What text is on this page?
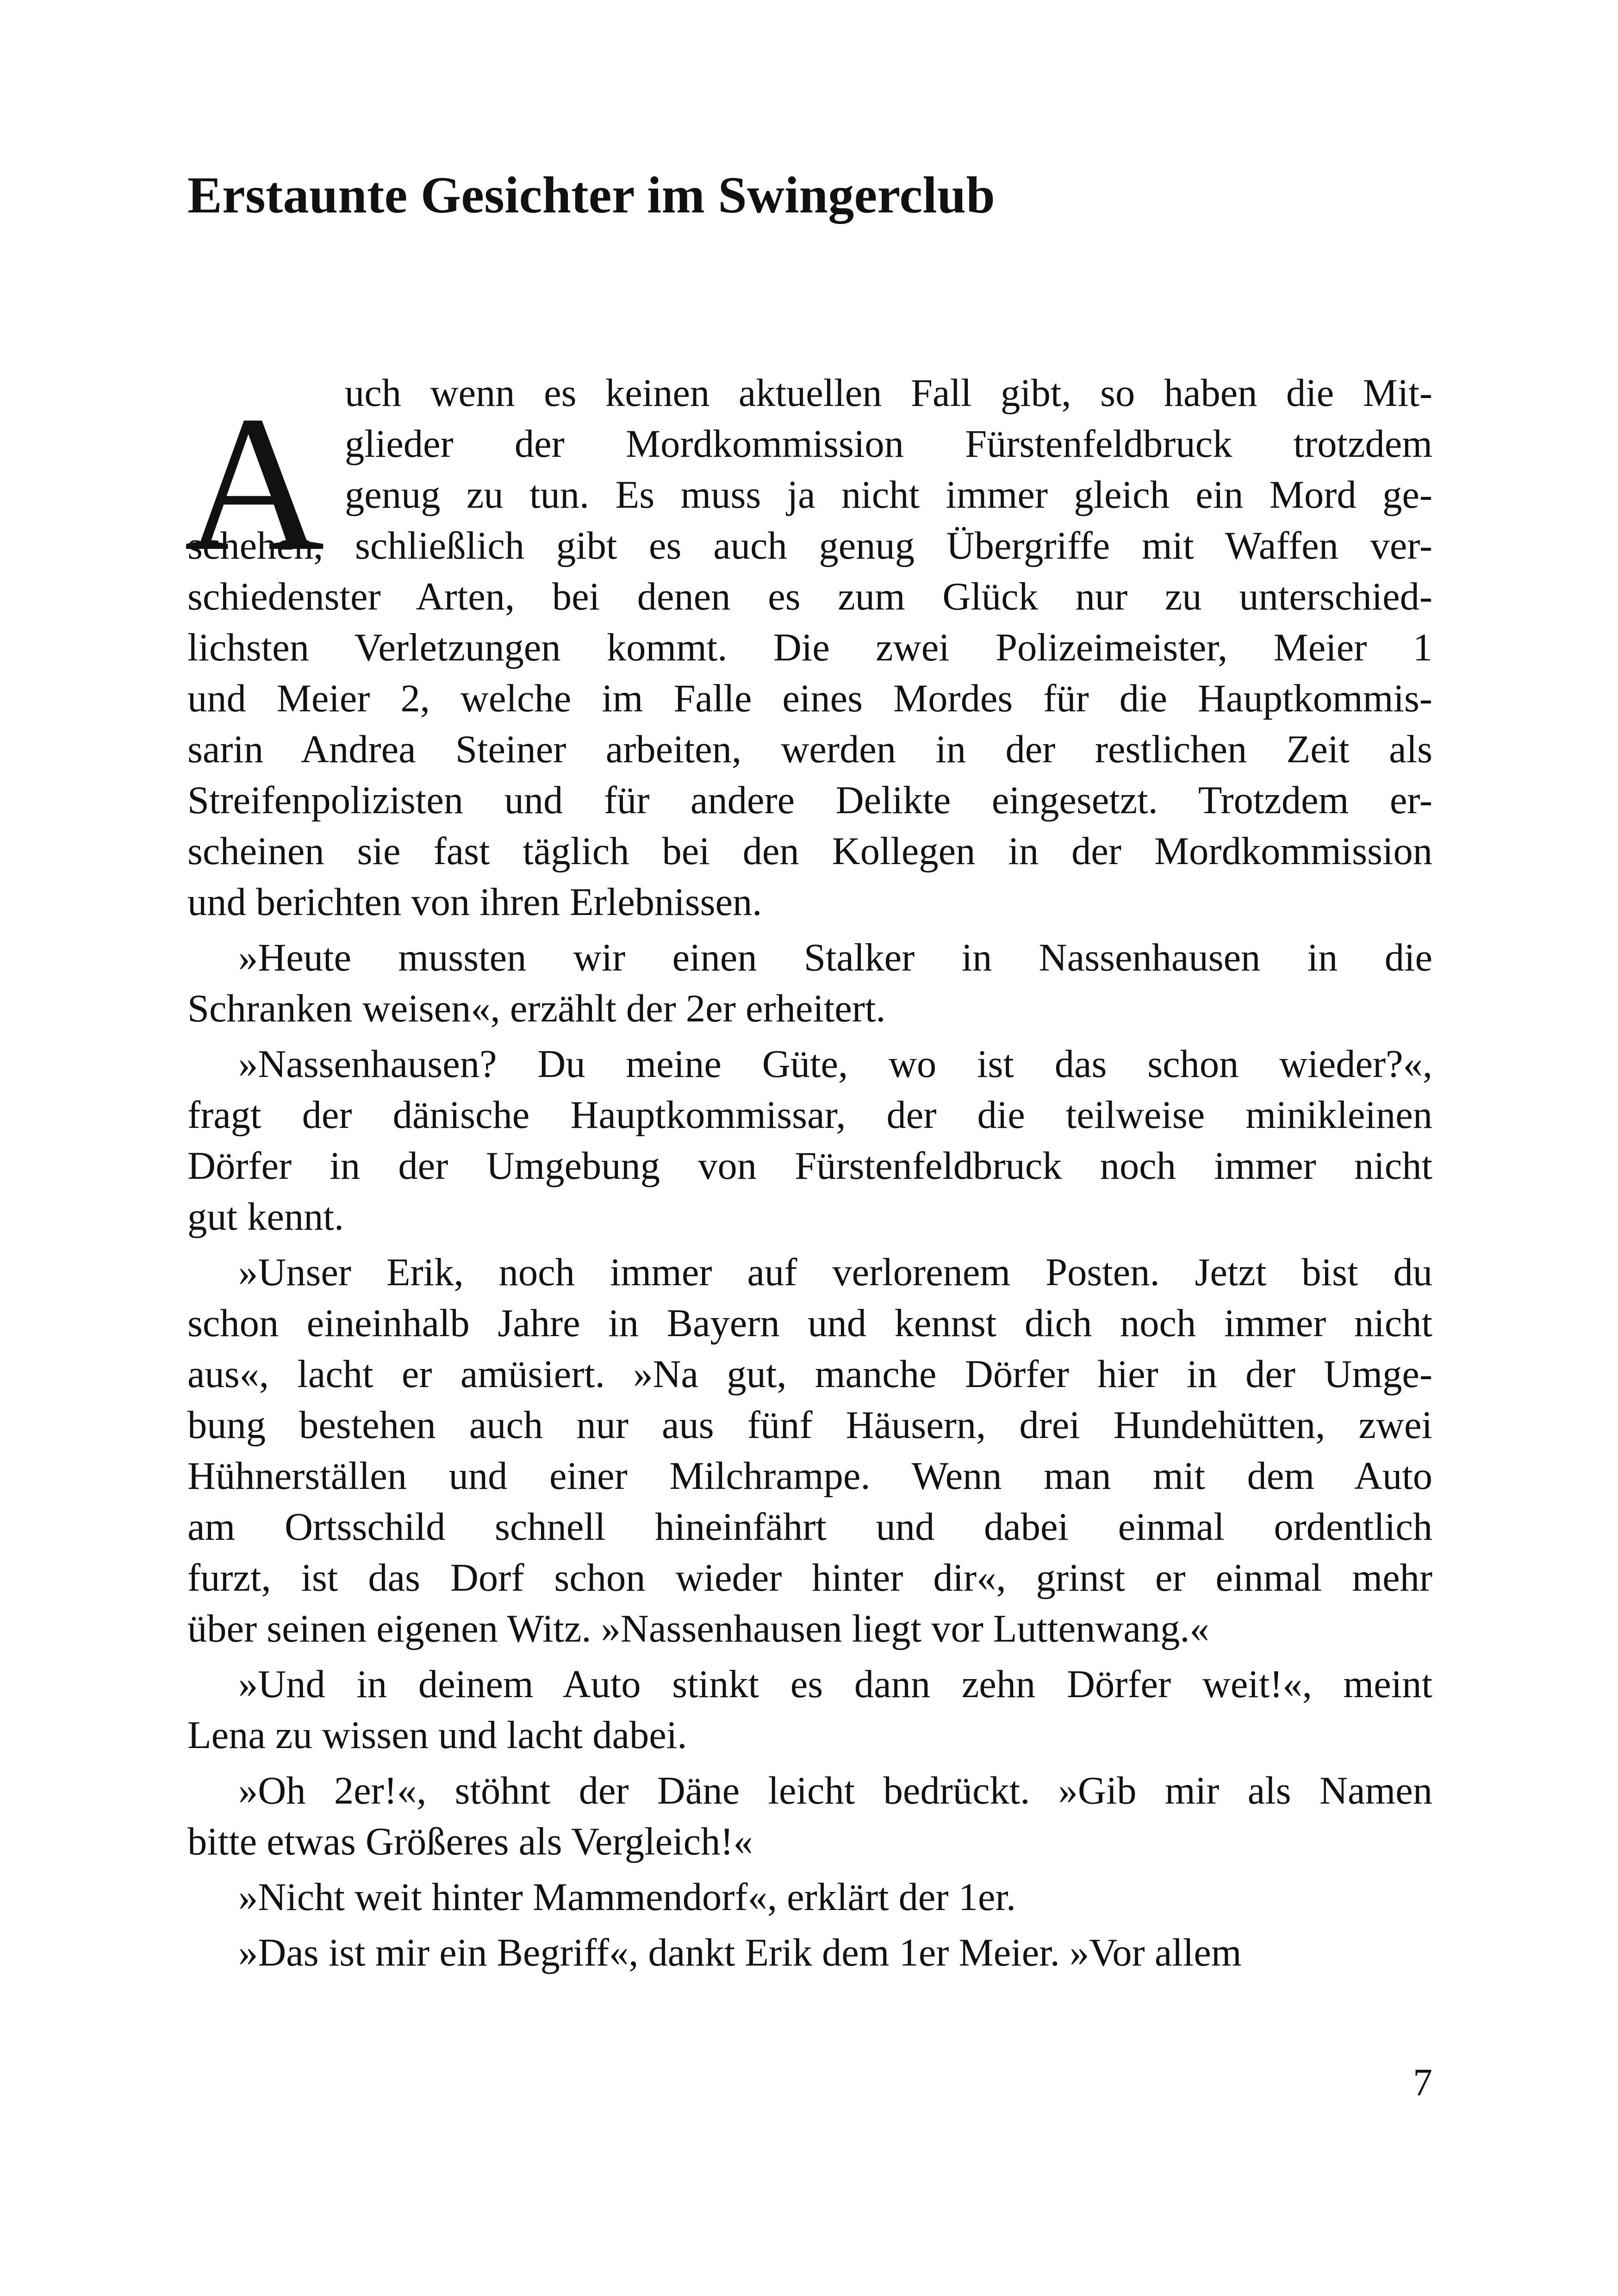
Erstaunte Gesichter im Swingerclub
A uch wenn es keinen aktuellen Fall gibt, so haben die Mit-
glieder der Mordkommission Fürstenfeldbruck trotzdem
genug zu tun. Es muss ja nicht immer gleich ein Mord ge-
schehen, schließlich gibt es auch genug Übergriffe mit Waffen ver-
schiedenster Arten, bei denen es zum Glück nur zu unterschied-
lichsten Verletzungen kommt. Die zwei Polizeimeister, Meier 1
und Meier 2, welche im Falle eines Mordes für die Hauptkommis-
sarin Andrea Steiner arbeiten, werden in der restlichen Zeit als
Streifenpolizisten und für andere Delikte eingesetzt. Trotzdem er-
scheinen sie fast täglich bei den Kollegen in der Mordkommission
und berichten von ihren Erlebnissen.
»Heute mussten wir einen Stalker in Nassenhausen in die
Schranken weisen«, erzählt der 2er erheitert.
»Nassenhausen? Du meine Güte, wo ist das schon wieder?«,
fragt der dänische Hauptkommissar, der die teilweise minikleinen
Dörfer in der Umgebung von Fürstenfeldbruck noch immer nicht
gut kennt.
»Unser Erik, noch immer auf verlorenem Posten. Jetzt bist du
schon eineinhalb Jahre in Bayern und kennst dich noch immer nicht
aus«, lacht er amüsiert. »Na gut, manche Dörfer hier in der Umge-
bung bestehen auch nur aus fünf Häusern, drei Hundehütten, zwei
Hühnerställen und einer Milchrampe. Wenn man mit dem Auto
am Ortsschild schnell hineinfährt und dabei einmal ordentlich
furzt, ist das Dorf schon wieder hinter dir«, grinst er einmal mehr
über seinen eigenen Witz. »Nassenhausen liegt vor Luttenwang.«
»Und in deinem Auto stinkt es dann zehn Dörfer weit!«, meint
Lena zu wissen und lacht dabei.
»Oh 2er!«, stöhnt der Däne leicht bedrückt. »Gib mir als Namen
bitte etwas Größeres als Vergleich!«
»Nicht weit hinter Mammendorf«, erklärt der 1er.
»Das ist mir ein Begriff«, dankt Erik dem 1er Meier. »Vor allem
7
